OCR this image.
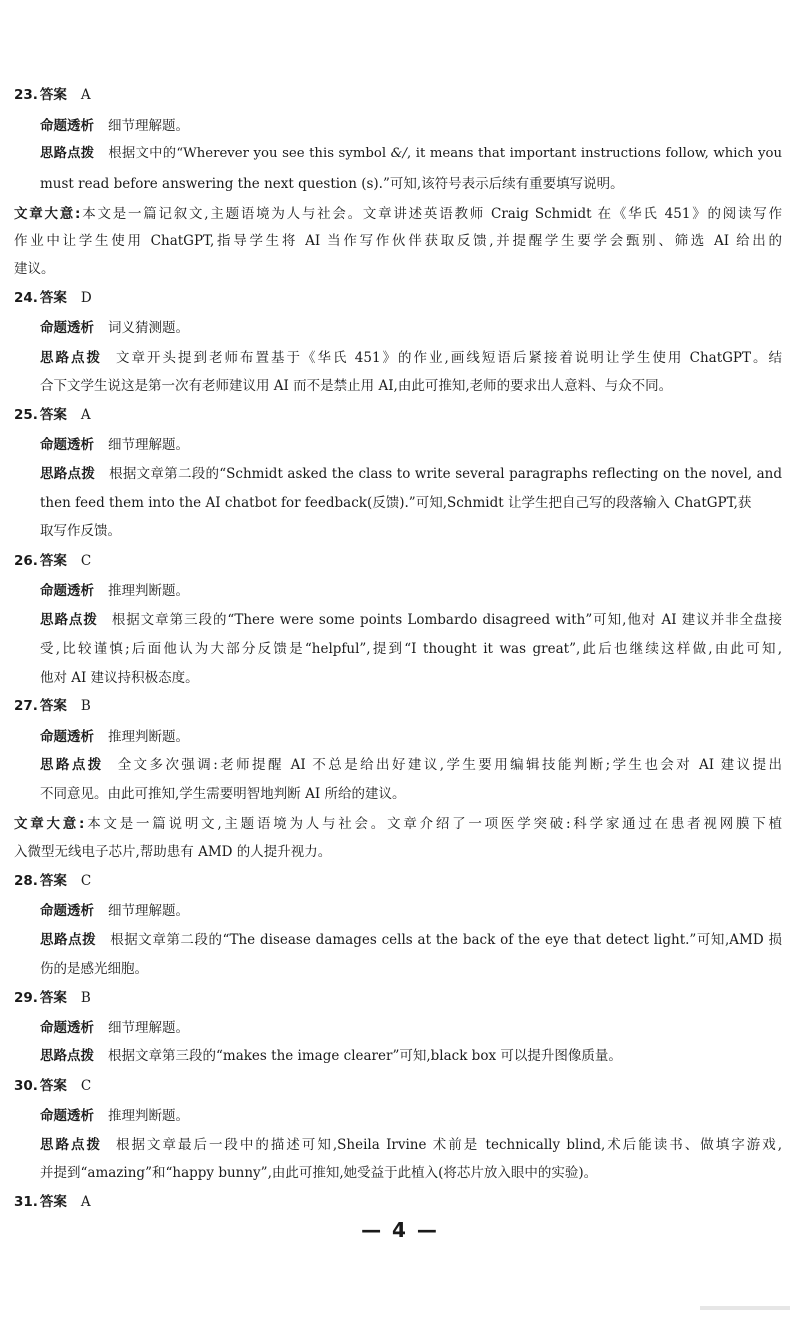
23. 答案 A
命题透析 细节理解题。
思路点拨 根据文中的“Wherever you see this symbol &∕, it means that important instructions follow, which you
must read before answering the next question (s).”可知,该符号表示后续有重要填写说明。
文章大意:本文是一篇记叙文,主题语境为人与社会。文章讲述英语教师 Craig Schmidt 在《华氏 451》的阅读写作
作业中让学生使用 ChatGPT,指导学生将 AI 当作写作伙伴获取反馈,并提醒学生要学会甄别、筛选 AI 给出的
建议。
24. 答案 D
命题透析 词义猜测题。
思路点拨 文章开头提到老师布置基于《华氏 451》的作业,画线短语后紧接着说明让学生使用 ChatGPT。结
合下文学生说这是第一次有老师建议用 AI 而不是禁止用 AI,由此可推知,老师的要求出人意料、与众不同。
25. 答案 A
命题透析 细节理解题。
思路点拨 根据文章第二段的“Schmidt asked the class to write several paragraphs reflecting on the novel, and
then feed them into the AI chatbot for feedback(反馈).”可知,Schmidt 让学生把自己写的段落输入 ChatGPT,获
取写作反馈。
26. 答案 C
命题透析 推理判断题。
思路点拨 根据文章第三段的“There were some points Lombardo disagreed with”可知,他对 AI 建议并非全盘接
受,比较谨慎;后面他认为大部分反馈是“helpful”,提到“I thought it was great”,此后也继续这样做,由此可知,
他对 AI 建议持积极态度。
27. 答案 B
命题透析 推理判断题。
思路点拨 全文多次强调:老师提醒 AI 不总是给出好建议,学生要用编辑技能判断;学生也会对 AI 建议提出
不同意见。由此可推知,学生需要明智地判断 AI 所给的建议。
文章大意:本文是一篇说明文,主题语境为人与社会。文章介绍了一项医学突破:科学家通过在患者视网膜下植
入微型无线电子芯片,帮助患有 AMD 的人提升视力。
28. 答案 C
命题透析 细节理解题。
思路点拨 根据文章第二段的“The disease damages cells at the back of the eye that detect light.”可知,AMD 损
伤的是感光细胞。
29. 答案 B
命题透析 细节理解题。
思路点拨 根据文章第三段的“makes the image clearer”可知,black box 可以提升图像质量。
30. 答案 C
命题透析 推理判断题。
思路点拨 根据文章最后一段中的描述可知,Sheila Irvine 术前是 technically blind,术后能读书、做填字游戏,
并提到“amazing”和“happy bunny”,由此可推知,她受益于此植入(将芯片放入眼中的实验)。
31. 答案 A
— 4 —
